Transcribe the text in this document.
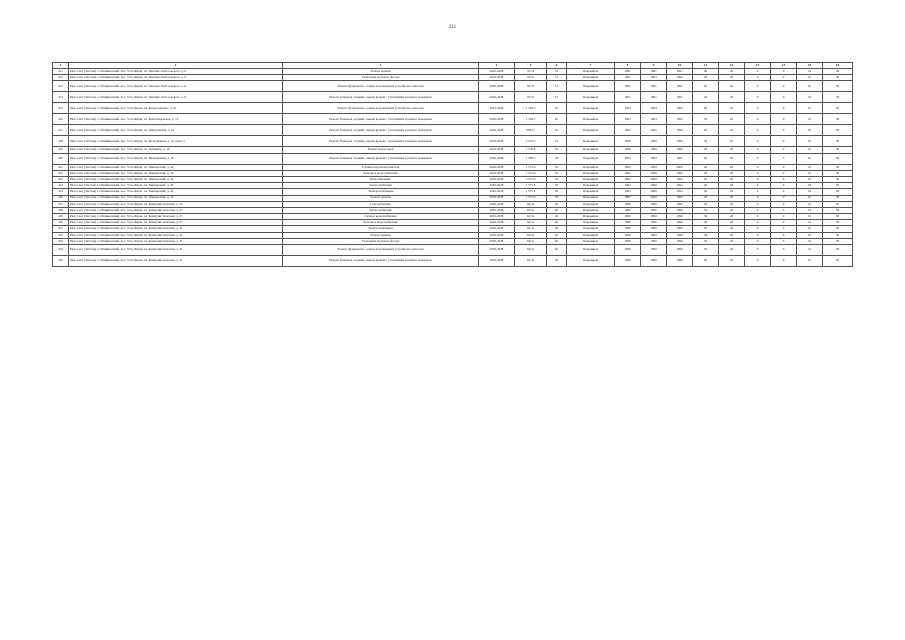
211
1	2	3	4	5	6	7	8	9	10	11	12	13	14	15	16
411	Ряза Сант (Тютчев) г. Обливковский, пос. Усть-Фарш, пл. Чантике-Лобосовского, д. 6	Ремонт крыши	2026-2028	357,0	51	Покрывная	1991	1991	1991	40	20	0	0	10	58
412	Ряза Сант (Тютчев) г. Обливковский, пос. Усть-Фарш, пл. Чантике-Лобосовского, д. 8	Утепление и ремонт фасада	2026-2028	357,6	51	Покрывная	1991	1994	1994	40	20	0	0	10	58
413	Ряза Сант (Тютчев) г. Обливковский, пос. Усть-Фарш, пл. Чантике-Лобосовского, д. 8	Ремонт фундамента, замена и проведение устройства отмостки	2026-2028	357,6	51	Покрывная	1991	1991	1991	40	20	0	0	10	58
414	Ряза Сант (Тютчев) г. Обливковский, пос. Усть-Фарш, пл. Чантике-Лобосовского, д. 8	Ремонт балконов, лоджий, замена кровли с утеплением и ремонт козырьков	2026-2028	357,6	51	Покрывная	1991	1991	1991	40	20	0	0	10	58
415	Ряза Сант (Тютчев) г. Обливковский, пос. Усть-Фарш, пл. Белоусовского, д. 16	Ремонт фундамента, замена и проведение устройства отмостки	2025-2026	1 528,0	20	Покрывная	1994	1994	1992	40	20	0	0	10	58
416	Ряза Сант (Тютчев) г. Обливковский, пос. Усть-Фарш, пл. Бригадировская, д. 10	Ремонт балконов, лоджий, замена кровли с утеплением и ремонт козырьков	2026-2028	1 528,1	20	Покрывная	1993	1994	1993	30	20	0	0	10	58
417	Ряза Сант (Тютчев) г. Обливковский, пос. Усть-Фарш, пл. Центральная, д. 10	Ремонт балконов, лоджий, замена кровли с утеплением и ремонт козырьков	2026-2028	938,17	20	Покрывная	1992	1995	1992	40	20	0	0	10	58
418	Ряза Сант (Тютчев) г. Обливковский, пос. Усть-Фарш, пл. Молодёжная, д. 1б, корп. а	Ремонт балконов, лоджий, замена кровли с утеплением и ремонт козырьков	2026-2028	1 516,3	41	Покрывная	1990	1990	1996	30	10	0	0	10	58
419	Ряза Сант (Тютчев) г. Обливковский, пос. Усть-Фарш, пл. Пушкина, д. 16	Ремонт водостоков	2026-2028	1 579,8	59	Покрывная	1996	1996	1996	40	20	0	0	10	58
420	Ряза Сант (Тютчев) г. Обливковский, пос. Усть-Фарш, пл. Молодёжная, д. 16	Ремонт балконов, лоджий, замена кровли с утеплением и ремонт козырьков	2026-2028	1 599,3	59	Покрывная	1993	1993	1991	40	20	0	0	10	58
421	Ряза Сант (Тютчев) г. Обливковский, пос. Усть-Фарш, пл. Пионерский, д. 42	Газовые водоподогреватели	2026-2028	1 575,6	59	Покрывная	1992	2009	2009	40	20	0	0	10	58
422	Ряза Сант (Тютчев) г. Обливковский, пос. Усть-Фарш, пл. Пионерский, д. 45	Холодное водоснабжение	2026-2028	1 575,6	59	Покрывная	1992	2009	1992	40	20	0	0	10	58
423	Ряза Сант (Тютчев) г. Обливковский, пос. Усть-Фарш, пл. Пионерский, д. 45	Водоотведение	2026-2028	1 575,6	59	Покрывная	1992	2009	1992	40	20	0	0	10	58
424	Ряза Сант (Тютчев) г. Обливковский, пос. Усть-Фарш, пл. Пионерский, д. 45	Теплоснабжение	2026-2028	1 575,6	59	Покрывная	1992	2009	1992	40	20	0	0	10	58
425	Ряза Сант (Тютчев) г. Обливковский, пос. Усть-Фарш, пл. Пионерский, д. 45	Электроснабжение	2026-2028	1 575,6	59	Покрывная	1992	2009	1992	40	20	0	0	10	58
426	Ряза Сант (Тютчев) г. Обливковский, пос. Усть-Фарш, пл. Пионерский, д. 45	Ремонт крыши	2026-2028	1 575,6	59	Покрывная	1992	2009	1992	40	20	0	0	10	58
427	Ряза Сант (Тютчев) г. Обливковский, пос. Усть-Фарш, пл. Коммунистическая, д. 25	Газоснабжение	2026-2028	621,9	46	Покрывная	1990	1990	1990	30	20	0	0	10	58
428	Ряза Сант (Тютчев) г. Обливковский, пос. Усть-Фарш, пл. Коммунистическая, д. 27	Теплоснабжение	2026-2028	621,9	46	Покрывная	1990	1990	1990	30	20	0	0	10	58
429	Ряза Сант (Тютчев) г. Обливковский, пос. Усть-Фарш, пл. Коммунистическая, д. 27	Горячее водоснабжение	2026-2028	621,9	46	Покрывная	1990	1990	1990	30	20	0	0	10	58
430	Ряза Сант (Тютчев) г. Обливковский, пос. Усть-Фарш, пл. Коммунистическая, д. 27	Холодное водоснабжение	2026-2028	621,9	46	Покрывная	1990	1990	1990	30	20	0	0	10	58
431	Ряза Сант (Тютчев) г. Обливковский, пос. Усть-Фарш, пл. Коммунистическая, д. 31	Электроснабжение	2026-2028	621,9	46	Покрывная	1990	1990	1990	30	20	0	0	10	58
432	Ряза Сант (Тютчев) г. Обливковский, пос. Усть-Фарш, пл. Коммунистическая, д. 31	Ремонт крыши	2026-2028	621,9	46	Покрывная	1990	1990	1990	30	20	0	0	10	58
433	Ряза Сант (Тютчев) г. Обливковский, пос. Усть-Фарш, пл. Коммунистическая, д. 31	Утепление и ремонт фасада	2026-2028	621,9	46	Покрывная	1990	1990	1990	30	20	0	0	10	58
434	Ряза Сант (Тютчев) г. Обливковский, пос. Усть-Фарш, пл. Коммунистическая, д. 31	Ремонт фундамента, замена и проведение устройства отмостки	2026-2028	621,9	46	Покрывная	1990	1990	1990	30	20	0	0	10	58
435	Ряза Сант (Тютчев) г. Обливковский, пос. Усть-Фарш, пл. Коммунистическая, д. 31	Ремонт балконов, лоджий, замена кровли с утеплением и ремонт козырьков	2026-2028	621,9	46	Покрывная	1990	1990	1990	30	20	0	0	10	58
